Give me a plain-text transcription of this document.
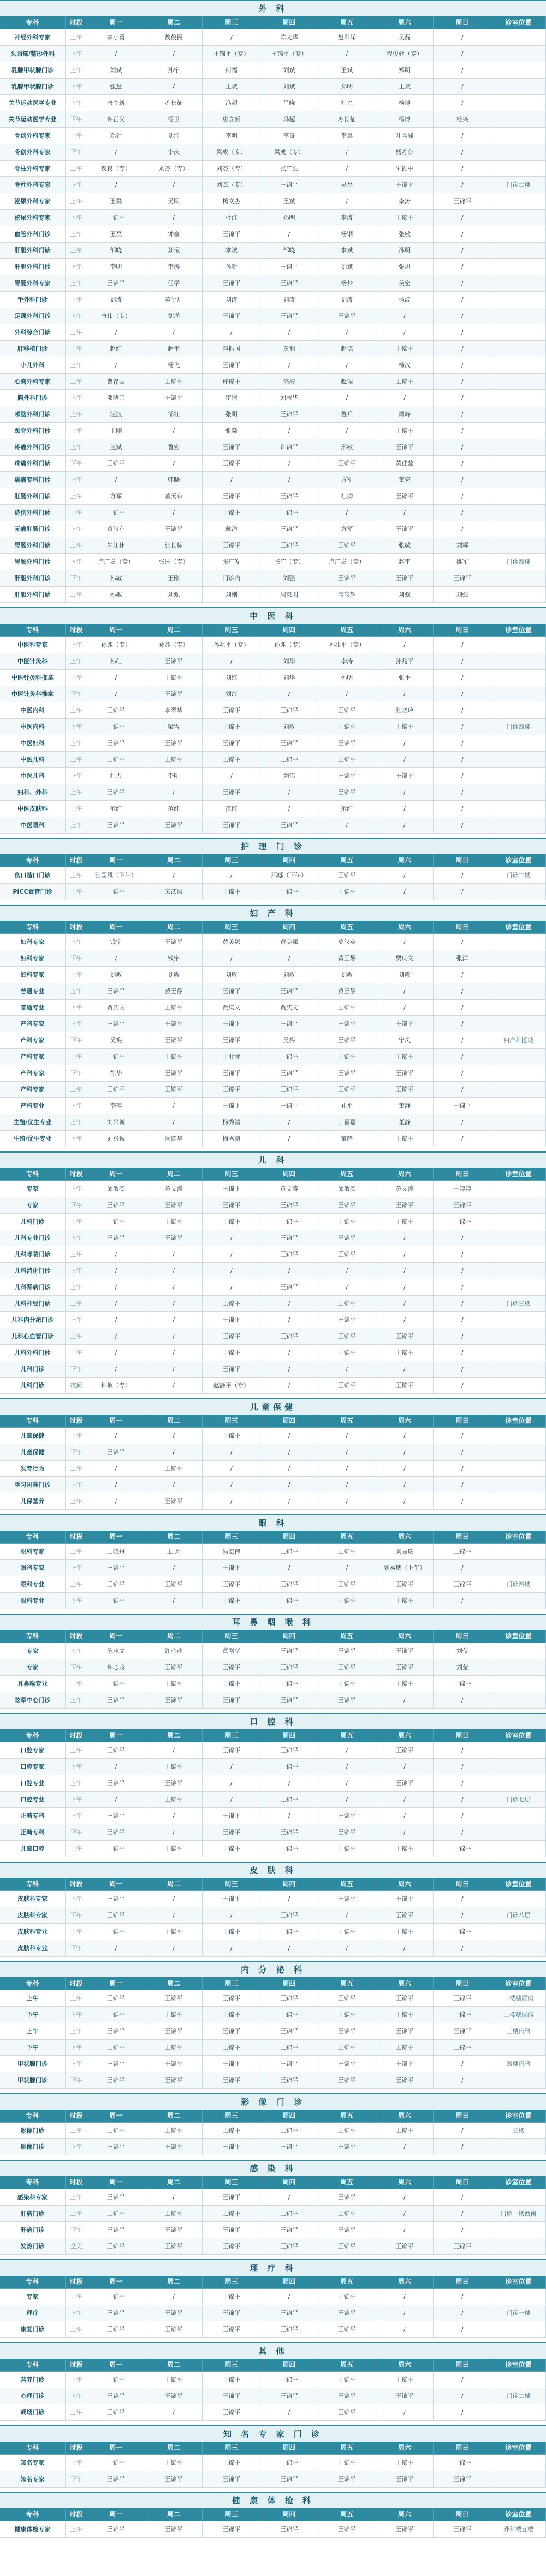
外 科
专科	时段	周一	周二	周三	周四	周五	周六	周日	诊室位置
神经外科专家	上午	李小勇	魏俊民	/	陈文华	赵洪洋	吴磊	/
头面部/整形外科	上午	/	/	王锦平（专）	王锦平（专）	/	程俊廷（专）	/
乳腺甲状腺门诊	上午	刘斌	孙宁	何福	刘斌	王斌	郑明	/
乳腺甲状腺门诊	下午	张慧	/	王斌	刘斌	郑明	王斌	/
关节运动医学专业	上午	唐立新	苏长征	冯超	吕晓	杜兴	杨博	/
关节运动医学专业	下午	许正义	杨卫	唐立新	冯超	苏长征	杨博	杜兴
骨创外科专家	上午	邓廷	刘洋	李明	李奇	李晨	叶雪峰	/
骨创外科专家	下午	/	李庆	梁成（专）	梁成（专）	/	杨苏东	/
脊柱外科专家	上午	魏良（专）	刘杰（专）	刘杰（专）	张广胜	/	朱振中	/
脊柱外科专家	下午	/	/	刘杰（专）	王锦平	吴磊	王锦平	/	门诊二楼
泌尿外科专家	上午	王磊	吴明	杨文杰	王斌	/	李涛	王锦平
泌尿外科专家	下午	王锦平	/	杜淮	孙明	李涛	王锦平	/
血管外科门诊	上午	王磊	钟豪	王锦平	/	杨钢	张敏	/
肝胆外科门诊	上午	邹晓	刘恒	李斌	邹晓	李斌	孙明	/
肝胆外科门诊	下午	李明	李涛	孙新	王锦平	刘斌	张旭	/
胃肠外科专家	上午	王锦平	任学	王锦平	王锦平	杨梦	吴宏	/
手外科门诊	上午	刘涛	黄学灯	刘涛	刘涛	刘涛	杨波	/
足踝外科门诊	上午	唐伟（专）	刘洋	王锦平	王锦平	王锦平	/	/
外科综合门诊	上午	/	/	/	/	/	/	/
肝移植门诊	上午	赵红	赵宇	赵振国	黄利	赵德	王锦平	/
小儿外科	上午	/	杨飞	王锦平	/	/	杨汉	/
心胸外科专家	上午	曹存国	王锦平	许锦平	高海	赵瑞	王锦平	/
胸外科门诊	上午	邓晓宗	王锦平	雷恺	刘志华	/	/	/
颅脑外科门诊	上午	汪波	邹红	张明	王锦平	鲁兵	周峰	/
颈脊外科门诊	上午	王刚	/	张晓	/	/	王锦平	/
疼痛外科门诊	上午	蓝斌	鲁宏	王锦平	许锦平	邢敏	王锦平	/
疼痛外科门诊	下午	王锦平	/	王锦平	/	王锦平	黄佳蕊	/
癌痛专科门诊	上午	/	韩晓	/	/	方军	董宏	/
肛肠外科门诊	上午	方军	董天东	王锦平	王锦平	杜钧	王锦平	/
烧伤外科门诊	上午	王锦平	/	王锦平	王锦平	/	/	/
无痛肛肠门诊	上午	董汉东	王锦平	戴洋	王锦平	方军	王锦平	/
胃肠外科门诊	上午	朱江伟	张长栋	王锦平	王锦平	王锦平	张敏	刘辉
胃肠外科门诊	下午	卢广发（专）	张园（专）	张广发	张广（专）	卢广发（专）	赵雷	姚军	门诊四楼
肝胆外科门诊	下午	孙敏	王刚	门诊内	刘强	王锦平	王锦平	王锦平
肝胆外科门诊	上午	孙敏	刘强	刘刚	周英刚	满高辉	刘强	刘强
中 医 科
专科	时段	周一	周二	周三	周四	周五	周六	周日	诊室位置
中医科专家	上午	孙兆（专）	孙兆（专）	孙兆平（专）	孙兆（专）	孙兆平（专）	/	/
中医针灸科	上午	孙红	王锦平	/	刘华	李涛	孙兆平	/
中医针灸科推拿	上午	/	王锦平	刘红	刘华	孙明	张平	/
中医针灸科推拿	下午	/	王锦平	刘红	/	/	/	/
中医内科	上午	王锦平	李翠华	王锦平	王锦平	王锦平	张晓玲	/
中医内科	下午	王锦平	梁雪	王锦平	刘敏	王锦平	王锦平	/	门诊四楼
中医妇科	上午	王锦平	王锦平	王锦平	王锦平	王锦平	/	/
中医儿科	上午	王锦平	王锦平	王锦平	王锦平	王锦平	/	/
中医儿科	下午	杜力	李明	/	刘伟	王锦平	王锦平	/
妇科、外科	上午	王锦平	/	王锦平	/	王锦平	/	/
中医皮肤科	上午	范红	范红	范红	/	范红	/	/
中医眼科	上午	王锦平	王锦平	王锦平	王锦平	/	/	/
护 理 门 诊
专科	时段	周一	周二	周三	周四	周五	周六	周日	诊室位置
伤口造口门诊	上午	张国风（下午）	/	/	邵娜（下午）	王锦平	/	/	门诊二楼
PICC置管门诊	上午	王锦平	宋武风	王锦平	王锦平	王锦平	/	/
妇 产 科
专科	时段	周一	周二	周三	周四	周五	周六	周日	诊室位置
妇科专家	上午	钱宇	王锦平	黄美娜	黄美娜	莫汉英	/	/
妇科专家	下午	/	钱宇	/	/	黄王静	贾庆文	张洋
妇科专家	上午	刘敏	刘敏	刘敏	刘敏	刘敏	刘敏	/
普通专业	上午	王锦平	黄王静	王锦平	王锦平	黄王静	/	/
普通专业	下午	贾庆文	王锦平	贾庆文	贾庆文	王锦平	/	/
产科专家	上午	王锦平	王锦平	王锦平	王锦平	王锦平	王锦平	/
产科专家	下午	吴梅	王锦平	王锦平	吴梅	王锦平	宁凤	/	妇产科区域
产科专家	上午	王锦平	王锦平	于亚琴	王锦平	王锦平	王锦平	/
产科专家	下午	徐华	王锦平	王锦平	王锦平	王锦平	王锦平	/
产科专家	上午	王锦平	王锦平	王锦平	王锦平	王锦平	王锦平	/
产科专业	上午	李萍	/	王锦平	王锦平	孔平	董静	王锦平
生殖/优生专业	上午	刘兴诚	/	梅秀清	/	丁喜嘉	董静	/
生殖/优生专业	下午	刘兴诚	闫德华	梅秀清	/	董静	王锦平	/
儿 科
专科	时段	周一	周二	周三	周四	周五	周六	周日	诊室位置
专家	上午	邱敏杰	黄文涛	王锦平	黄文涛	邱敏杰	黄文涛	王婷婷
专家	下午	王锦平	王锦平	王锦平	王锦平	王锦平	王锦平	王锦平
儿科门诊	上午	王锦平	王锦平	王锦平	王锦平	王锦平	王锦平	王锦平
儿科专业门诊	上午	王锦平	王锦平	/	王锦平	王锦平	/	/
儿科哮喘门诊	上午	/	/	/	王锦平	王锦平	/	/
儿科消化门诊	上午	/	/	/	/	/	/	/
儿科肾病门诊	上午	/	/	/	王锦平	/	/	/
儿科神经门诊	上午	/	/	王锦平	/	王锦平	/	/	门诊三楼
儿科内分泌门诊	上午	/	/	王锦平	/	王锦平	/	/
儿科心血管门诊	上午	/	/	王锦平	王锦平	王锦平	王锦平	/
儿科外科门诊	上午	/	/	王锦平	/	王锦平	王锦平	/
儿科门诊	下午	/	/	王锦平	/	/	/	/
儿科门诊	夜间	钟敏（专）	/	赵静平（专）	/	王锦平	王锦平	/
儿童保健
专科	时段	周一	周二	周三	周四	周五	周六	周日	诊室位置
儿童保健	上午	/	/	王锦平	/	/	/	/
儿童保健	下午	王锦平	/	/	/	/	/	/
发育行为	上午	/	王锦平	/	/	/	/	/
学习困难门诊	上午	/	/	/	/	/	/	/
儿保营养	上午	/	王锦平	/	/	/	/	/
眼 科
专科	时段	周一	周二	周三	周四	周五	周六	周日	诊室位置
眼科专家	上午	王晓丹	王 兵	冯宏伟	王锦平	王锦平	刘易瑞	王锦平
眼科专家	下午	王锦平	/	王锦平	/	/	刘易瑞（上午）	/
眼科专业	上午	王锦平	王锦平	王锦平	王锦平	王锦平	王锦平	王锦平	门诊四楼
眼科专业	下午	王锦平	/	王锦平	王锦平	王锦平	王锦平	/
耳 鼻 咽 喉 科
专科	时段	周一	周二	周三	周四	周五	周六	周日	诊室位置
专家	上午	陈茂文	许心茂	董刚华	王锦平	王锦平	王锦平	刘莹
专家	下午	许心茂	王锦平	王锦平	王锦平	王锦平	王锦平	刘莹
耳鼻喉专业	上午	王锦平	王锦平	王锦平	王锦平	王锦平	王锦平	王锦平
眩晕中心门诊	上午	王锦平	王锦平	王锦平	王锦平	王锦平	/	/
口 腔 科
专科	时段	周一	周二	周三	周四	周五	周六	周日	诊室位置
口腔专家	上午	王锦平	/	王锦平	王锦平	/	王锦平	/
口腔专家	下午	/	王锦平	/	王锦平	/	/	/
口腔专业	上午	王锦平	王锦平	/	/	/	王锦平	/
口腔专业	下午	/	王锦平	/	王锦平	/	/	/	门诊七层
正畸专科	上午	王锦平	/	王锦平	/	王锦平	/	/
正畸专科	下午	王锦平	/	王锦平	王锦平	王锦平	/	/
儿童口腔	上午	王锦平	王锦平	王锦平	王锦平	王锦平	王锦平	王锦平
皮 肤 科
专科	时段	周一	周二	周三	周四	周五	周六	周日	诊室位置
皮肤科专家	上午	王锦平	/	王锦平	/	王锦平	王锦平	/
皮肤科专家	下午	王锦平	/	/	王锦平	/	王锦平	/	门诊八层
皮肤科专业	上午	王锦平	王锦平	王锦平	王锦平	王锦平	王锦平	王锦平
皮肤科专业	下午	/	/	/	/	/	/	/
内 分 泌 科
专科	时段	周一	周二	周三	周四	周五	周六	周日	诊室位置
上午	上午	王锦平	王锦平	王锦平	王锦平	王锦平	王锦平	王锦平	一楼糖尿病
下午	下午	王锦平	王锦平	王锦平	王锦平	王锦平	王锦平	王锦平	二楼糖尿病
上午	上午	王锦平	王锦平	王锦平	王锦平	王锦平	王锦平	王锦平	三楼内科
下午	下午	王锦平	王锦平	王锦平	王锦平	王锦平	王锦平	王锦平
甲状腺门诊	上午	王锦平	王锦平	王锦平	王锦平	王锦平	王锦平	/	四楼内科
甲状腺门诊	下午	王锦平	王锦平	王锦平	王锦平	王锦平	王锦平	/
影 像 门 诊
专科	时段	周一	周二	周三	周四	周五	周六	周日	诊室位置
影像门诊	上午	王锦平	王锦平	王锦平	王锦平	王锦平	王锦平	/	三楼
影像门诊	下午	王锦平	王锦平	王锦平	王锦平	王锦平	/	/
感 染 科
专科	时段	周一	周二	周三	周四	周五	周六	周日	诊室位置
感染科专家	上午	王锦平	/	王锦平	/	王锦平	/	/
肝病门诊	上午	王锦平	王锦平	王锦平	王锦平	王锦平	/	/	门诊一楼西南
肝病门诊	下午	王锦平	王锦平	王锦平	王锦平	王锦平	/	/
发热门诊	全天	王锦平	王锦平	王锦平	王锦平	王锦平	王锦平	王锦平
理 疗 科
专科	时段	周一	周二	周三	周四	周五	周六	周日	诊室位置
专家	上午	王锦平	/	王锦平	/	王锦平	/	/
理疗	上午	王锦平	王锦平	王锦平	王锦平	王锦平	/	/	门诊一楼
康复门诊	上午	王锦平	王锦平	王锦平	王锦平	王锦平	/	/
其 他
专科	时段	周一	周二	周三	周四	周五	周六	周日	诊室位置
营养门诊	上午	王锦平	王锦平	王锦平	王锦平	王锦平	王锦平	/
心理门诊	上午	王锦平	王锦平	王锦平	王锦平	王锦平	王锦平	/	门诊二楼
戒烟门诊	上午	王锦平	/	王锦平	/	王锦平	/	/
知 名 专 家 门 诊
专科	时段	周一	周二	周三	周四	周五	周六	周日	诊室位置
知名专家	上午	王锦平	王锦平	王锦平	王锦平	王锦平	王锦平	王锦平
知名专家	下午	王锦平	王锦平	王锦平	王锦平	王锦平	王锦平	王锦平
健 康 体 检 科
专科	时段	周一	周二	周三	周四	周五	周六	周日	诊室位置
健康体检专家	上午	王锦平	王锦平	王锦平	王锦平	王锦平	王锦平	王锦平	外科楼五楼
